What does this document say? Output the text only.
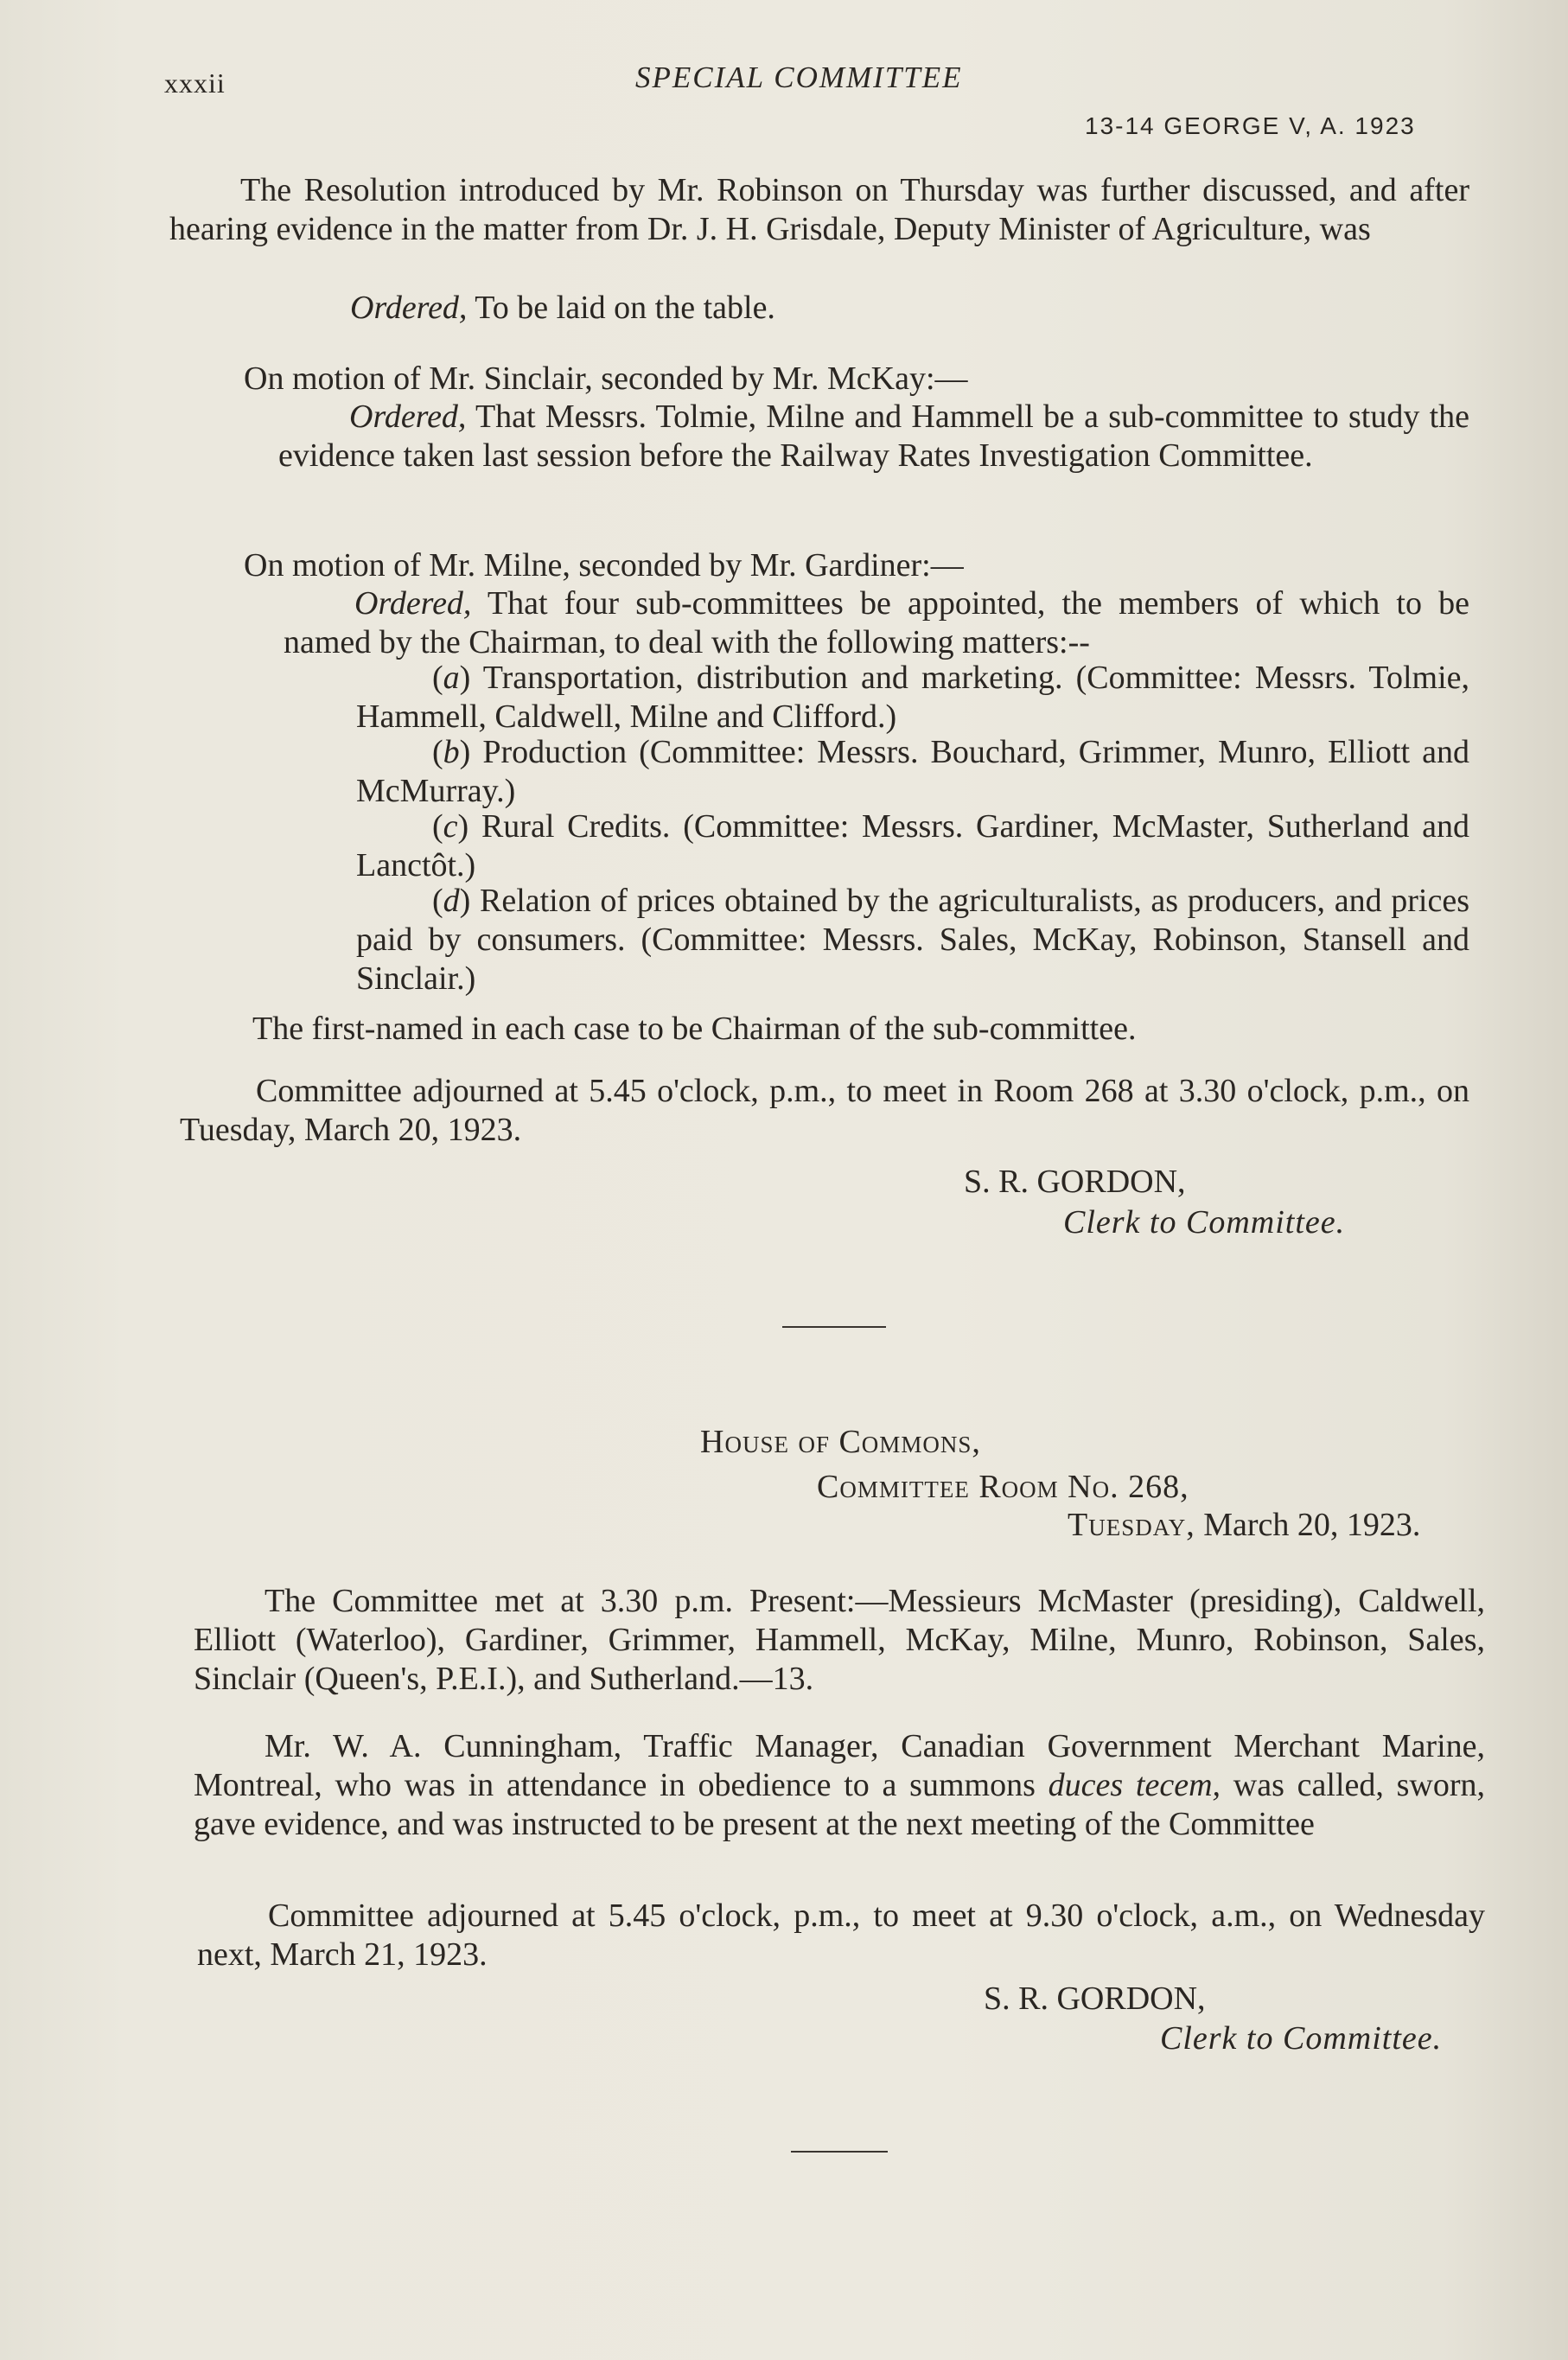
xxxii	SPECIAL COMMITTEE
13-14 GEORGE V, A. 1923
The Resolution introduced by Mr. Robinson on Thursday was further discussed, and after hearing evidence in the matter from Dr. J. H. Grisdale, Deputy Minister of Agriculture, was
Ordered, To be laid on the table.
On motion of Mr. Sinclair, seconded by Mr. McKay:—
Ordered, That Messrs. Tolmie, Milne and Hammell be a sub-committee to study the evidence taken last session before the Railway Rates Investigation Committee.
On motion of Mr. Milne, seconded by Mr. Gardiner:—
Ordered, That four sub-committees be appointed, the members of which to be named by the Chairman, to deal with the following matters:--
(a) Transportation, distribution and marketing. (Committee: Messrs. Tolmie, Hammell, Caldwell, Milne and Clifford.)
(b) Production (Committee: Messrs. Bouchard, Grimmer, Munro, Elliott and McMurray.)
(c) Rural Credits. (Committee: Messrs. Gardiner, McMaster, Sutherland and Lanctôt.)
(d) Relation of prices obtained by the agriculturalists, as producers, and prices paid by consumers. (Committee: Messrs. Sales, McKay, Robinson, Stansell and Sinclair.)
The first-named in each case to be Chairman of the sub-committee.
Committee adjourned at 5.45 o'clock, p.m., to meet in Room 268 at 3.30 o'clock, p.m., on Tuesday, March 20, 1923.
S. R. GORDON,
Clerk to Committee.
House of Commons,
Committee Room No. 268,
Tuesday, March 20, 1923.
The Committee met at 3.30 p.m. Present:—Messieurs McMaster (presiding), Caldwell, Elliott (Waterloo), Gardiner, Grimmer, Hammell, McKay, Milne, Munro, Robinson, Sales, Sinclair (Queen's, P.E.I.), and Sutherland.—13.
Mr. W. A. Cunningham, Traffic Manager, Canadian Government Merchant Marine, Montreal, who was in attendance in obedience to a summons duces tecem, was called, sworn, gave evidence, and was instructed to be present at the next meeting of the Committee
Committee adjourned at 5.45 o'clock, p.m., to meet at 9.30 o'clock, a.m., on Wednesday next, March 21, 1923.
S. R. GORDON,
Clerk to Committee.
